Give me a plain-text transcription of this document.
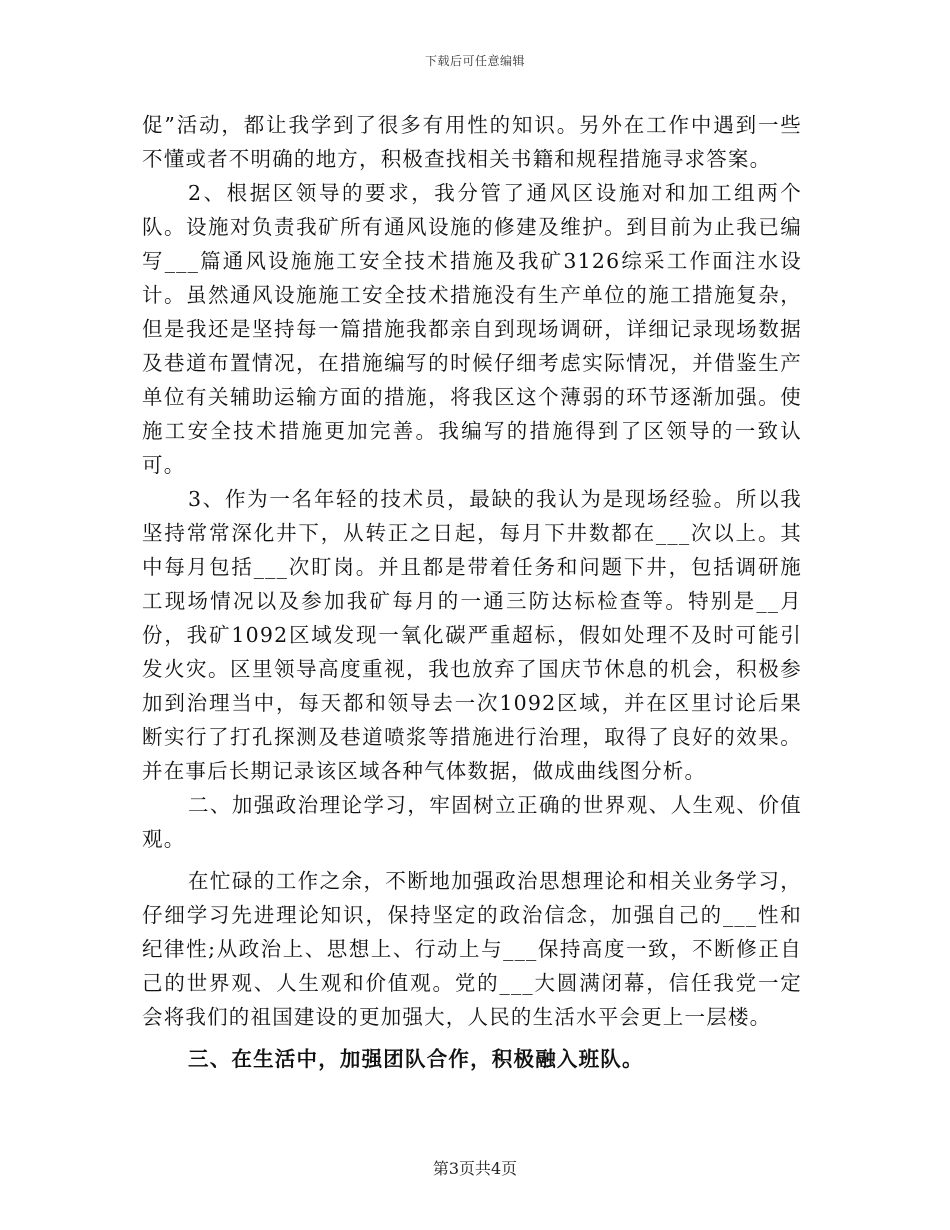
下载后可任意编辑

促”活动，都让我学到了很多有用性的知识。另外在工作中遇到一些不懂或者不明确的地方，积极查找相关书籍和规程措施寻求答案。

2、根据区领导的要求，我分管了通风区设施对和加工组两个队。设施对负责我矿所有通风设施的修建及维护。到目前为止我已编写___篇通风设施施工安全技术措施及我矿3126综采工作面注水设计。虽然通风设施施工安全技术措施没有生产单位的施工措施复杂，但是我还是坚持每一篇措施我都亲自到现场调研，详细记录现场数据及巷道布置情况，在措施编写的时候仔细考虑实际情况，并借鉴生产单位有关辅助运输方面的措施，将我区这个薄弱的环节逐渐加强。使施工安全技术措施更加完善。我编写的措施得到了区领导的一致认可。

3、作为一名年轻的技术员，最缺的我认为是现场经验。所以我坚持常常深化井下，从转正之日起，每月下井数都在___次以上。其中每月包括___次盯岗。并且都是带着任务和问题下井，包括调研施工现场情况以及参加我矿每月的一通三防达标检查等。特别是__月份，我矿1092区域发现一氧化碳严重超标，假如处理不及时可能引发火灾。区里领导高度重视，我也放弃了国庆节休息的机会，积极参加到治理当中，每天都和领导去一次1092区域，并在区里讨论后果断实行了打孔探测及巷道喷浆等措施进行治理，取得了良好的效果。并在事后长期记录该区域各种气体数据，做成曲线图分析。

二、加强政治理论学习，牢固树立正确的世界观、人生观、价值观。

在忙碌的工作之余，不断地加强政治思想理论和相关业务学习，仔细学习先进理论知识，保持坚定的政治信念，加强自己的___性和纪律性;从政治上、思想上、行动上与___保持高度一致，不断修正自己的世界观、人生观和价值观。党的___大圆满闭幕，信任我党一定会将我们的祖国建设的更加强大，人民的生活水平会更上一层楼。

三、在生活中，加强团队合作，积极融入班队。

第3页共4页
